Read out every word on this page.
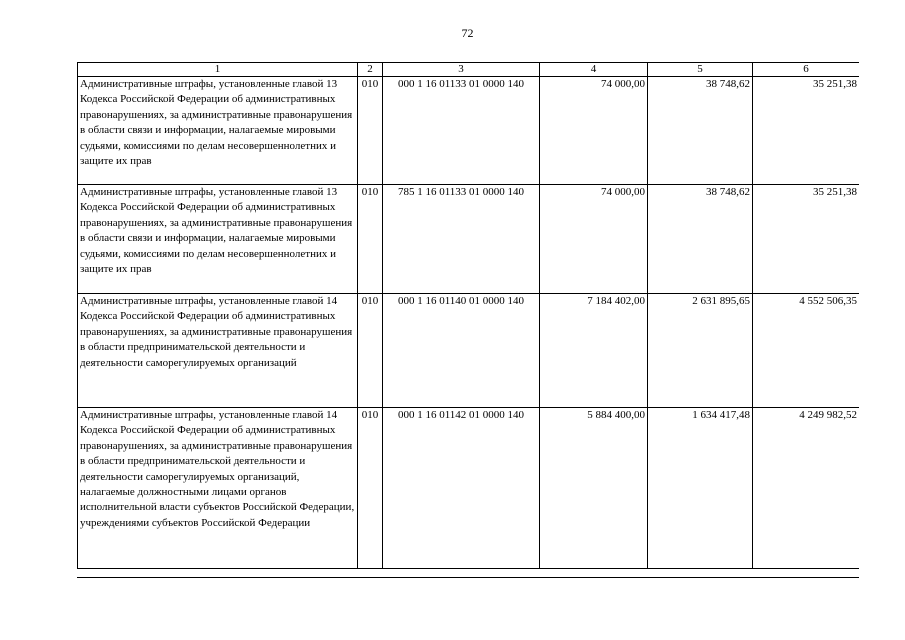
72
1	2	3	4	5	6
Административные штрафы, установленные главой 13 Кодекса Российской Федерации об административных правонарушениях, за административные правонарушения в области связи и информации, налагаемые мировыми судьями, комиссиями по делам несовершеннолетних и защите их прав	010	000 1 16 01133 01 0000 140	74 000,00	38 748,62	35 251,38
Административные штрафы, установленные главой 13 Кодекса Российской Федерации об административных правонарушениях, за административные правонарушения в области связи и информации, налагаемые мировыми судьями, комиссиями по делам несовершеннолетних и защите их прав	010	785 1 16 01133 01 0000 140	74 000,00	38 748,62	35 251,38
Административные штрафы, установленные главой 14 Кодекса Российской Федерации об административных правонарушениях, за административные правонарушения в области предпринимательской деятельности и деятельности саморегулируемых организаций	010	000 1 16 01140 01 0000 140	7 184 402,00	2 631 895,65	4 552 506,35
Административные штрафы, установленные главой 14 Кодекса Российской Федерации об административных правонарушениях, за административные правонарушения в области предпринимательской деятельности и деятельности саморегулируемых организаций, налагаемые должностными лицами органов исполнительной власти субъектов Российской Федерации, учреждениями субъектов Российской Федерации	010	000 1 16 01142 01 0000 140	5 884 400,00	1 634 417,48	4 249 982,52
